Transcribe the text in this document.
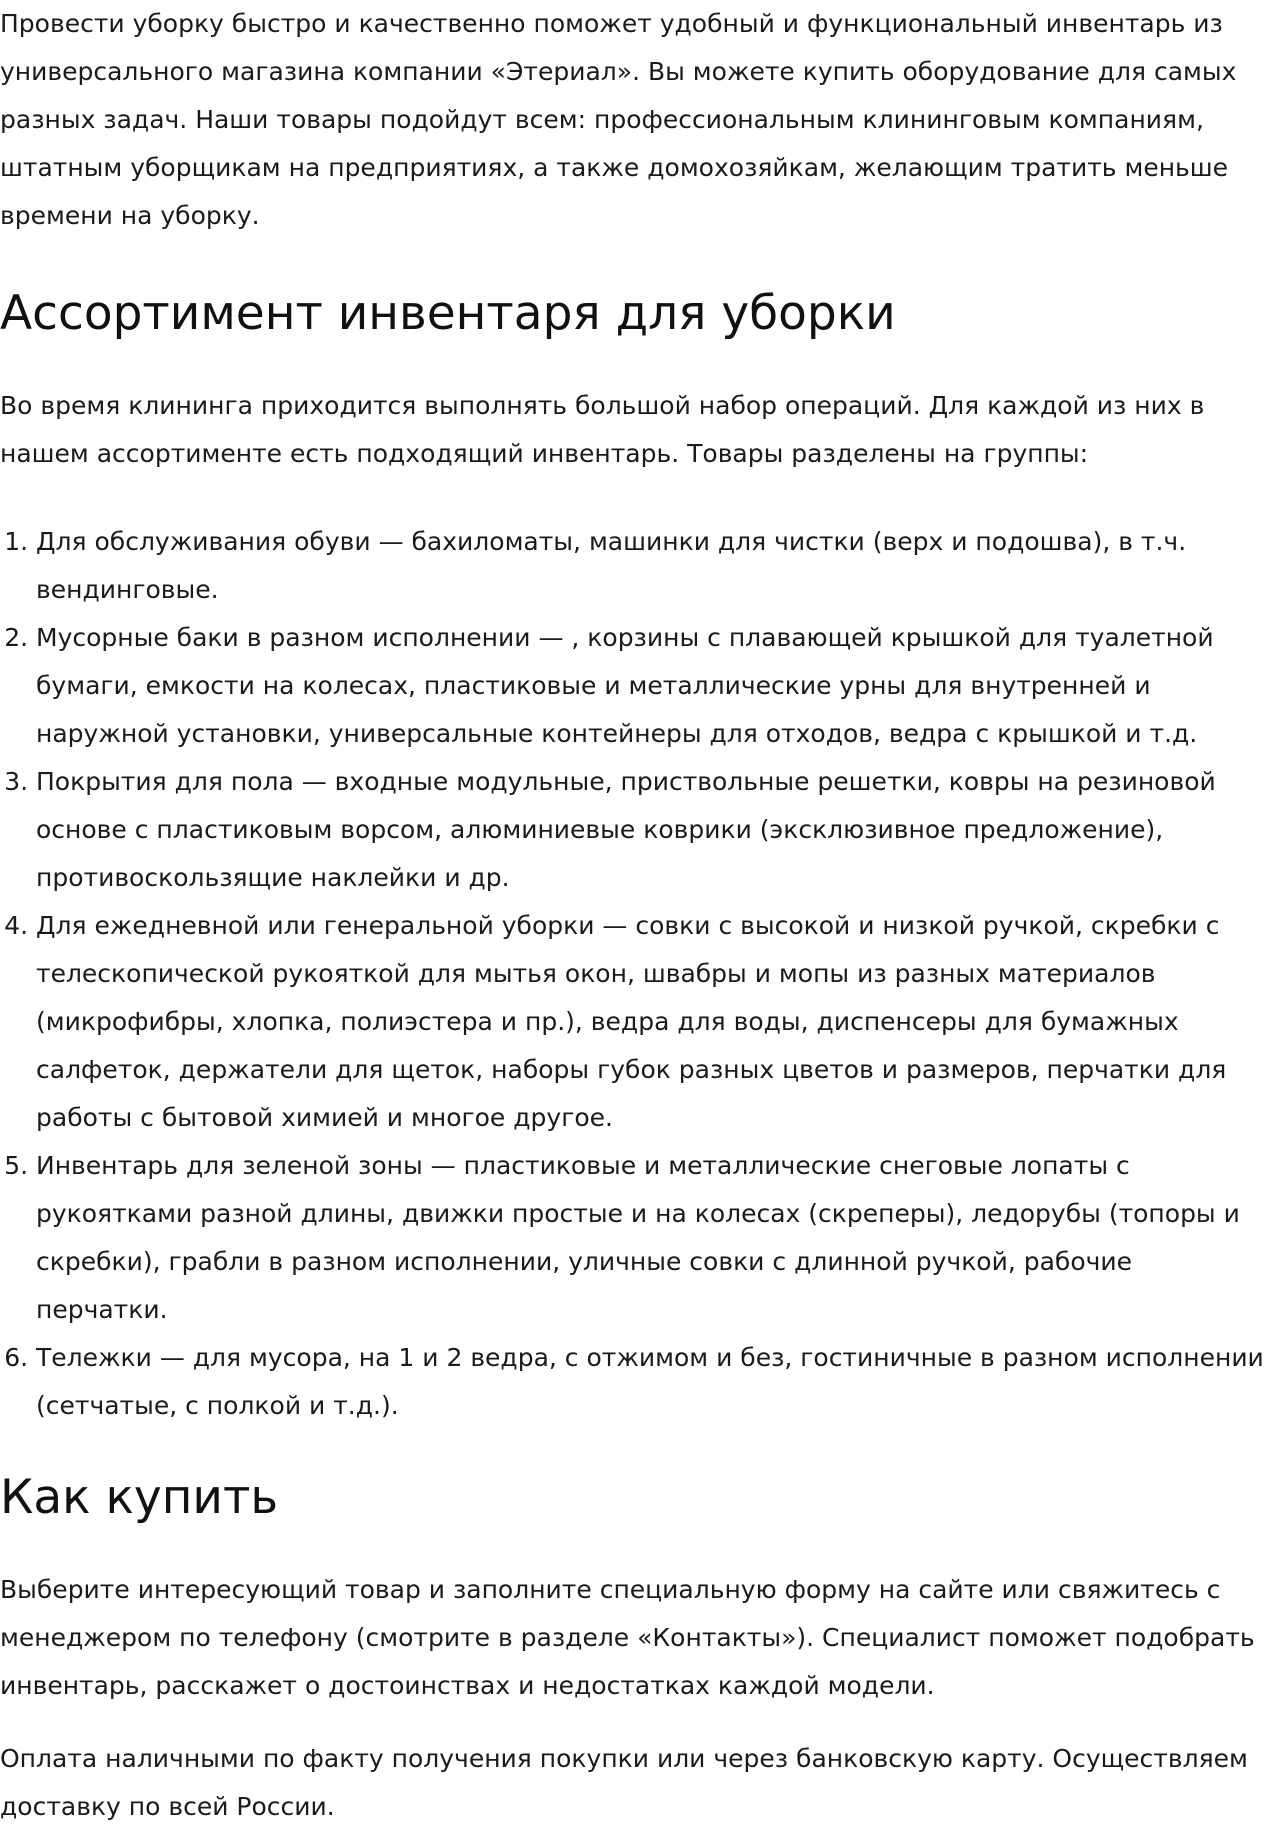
Провести уборку быстро и качественно поможет удобный и функциональный инвентарь из универсального магазина компании «Этериал». Вы можете купить оборудование для самых разных задач. Наши товары подойдут всем: профессиональным клининговым компаниям, штатным уборщикам на предприятиях, а также домохозяйкам, желающим тратить меньше времени на уборку.

Ассортимент инвентаря для уборки

Во время клининга приходится выполнять большой набор операций. Для каждой из них в нашем ассортименте есть подходящий инвентарь. Товары разделены на группы:

1. Для обслуживания обуви — бахиломаты, машинки для чистки (верх и подошва), в т.ч. вендинговые.
2. Мусорные баки в разном исполнении — , корзины с плавающей крышкой для туалетной бумаги, емкости на колесах, пластиковые и металлические урны для внутренней и наружной установки, универсальные контейнеры для отходов, ведра с крышкой и т.д.
3. Покрытия для пола — входные модульные, приствольные решетки, ковры на резиновой основе с пластиковым ворсом, алюминиевые коврики (эксклюзивное предложение), противоскользящие наклейки и др.
4. Для ежедневной или генеральной уборки — совки с высокой и низкой ручкой, скребки с телескопической рукояткой для мытья окон, швабры и мопы из разных материалов (микрофибры, хлопка, полиэстера и пр.), ведра для воды, диспенсеры для бумажных салфеток, держатели для щеток, наборы губок разных цветов и размеров, перчатки для работы с бытовой химией и многое другое.
5. Инвентарь для зеленой зоны — пластиковые и металлические снеговые лопаты с рукоятками разной длины, движки простые и на колесах (скреперы), ледорубы (топоры и скребки), грабли в разном исполнении, уличные совки с длинной ручкой, рабочие перчатки.
6. Тележки — для мусора, на 1 и 2 ведра, с отжимом и без, гостиничные в разном исполнении (сетчатые, с полкой и т.д.).
Как купить

Выберите интересующий товар и заполните специальную форму на сайте или свяжитесь с менеджером по телефону (смотрите в разделе «Контакты»). Специалист поможет подобрать инвентарь, расскажет о достоинствах и недостатках каждой модели.

Оплата наличными по факту получения покупки или через банковскую карту. Осуществляем доставку по всей России.
